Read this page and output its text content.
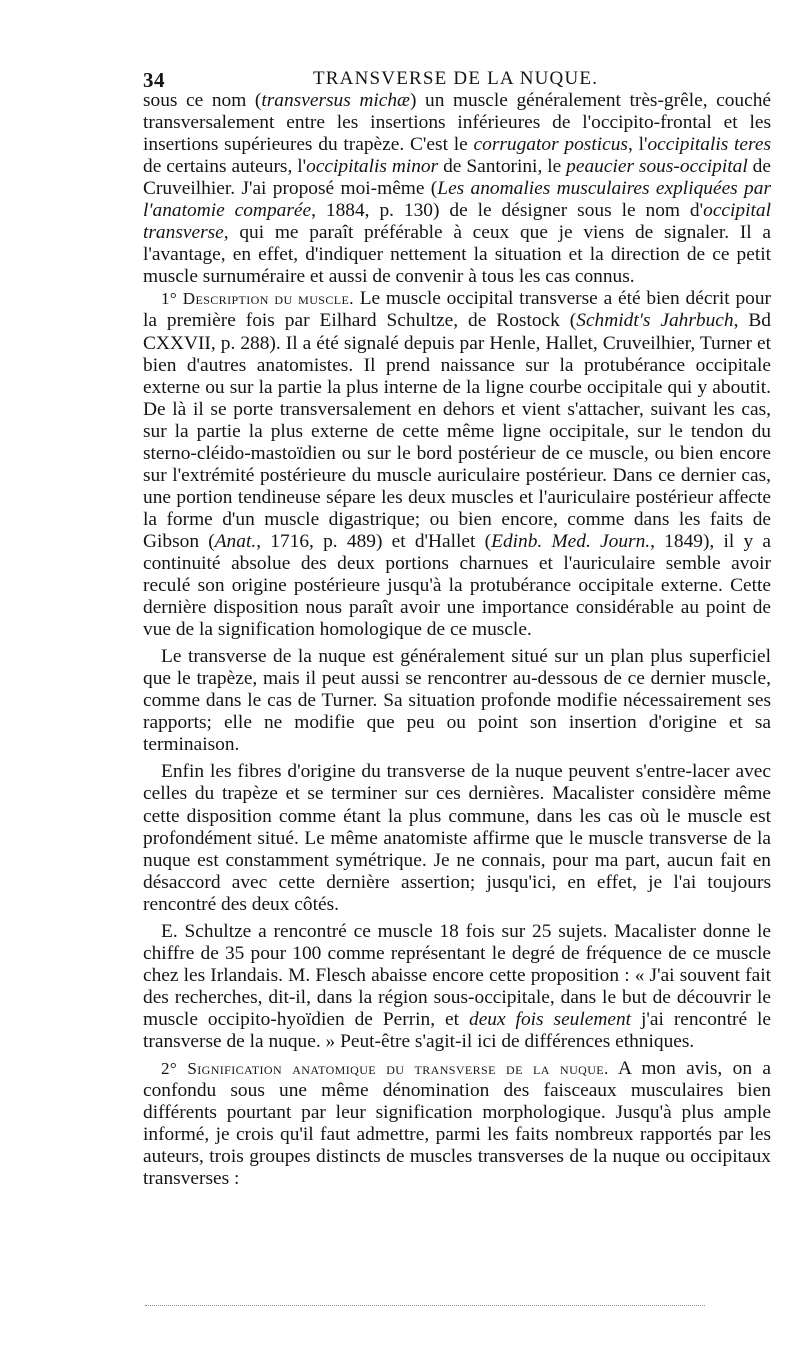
34	TRANSVERSE DE LA NUQUE.

sous ce nom (transversus michæ) un muscle généralement très-grêle, couché transversalement entre les insertions inférieures de l'occipito-frontal et les insertions supérieures du trapèze. C'est le corrugator posticus, l'occipitalis teres de certains auteurs, l'occipitalis minor de Santorini, le peaucier sous-occipital de Cruveilhier. J'ai proposé moi-même (Les anomalies musculaires expliquées par l'anatomie comparée, 1884, p. 130) de le désigner sous le nom d'occipital transverse, qui me paraît préférable à ceux que je viens de signaler. Il a l'avantage, en effet, d'indiquer nettement la situation et la direction de ce petit muscle surnuméraire et aussi de convenir à tous les cas connus.

1° Description du muscle. Le muscle occipital transverse a été bien décrit pour la première fois par Eilhard Schultze, de Rostock (Schmidt's Jahrbuch, Bd CXXVII, p. 288). Il a été signalé depuis par Henle, Hallet, Cruveilhier, Turner et bien d'autres anatomistes. Il prend naissance sur la protubérance occipitale externe ou sur la partie la plus interne de la ligne courbe occipitale qui y aboutit. De là il se porte transversalement en dehors et vient s'attacher, suivant les cas, sur la partie la plus externe de cette même ligne occipitale, sur le tendon du sterno-cléido-mastoïdien ou sur le bord postérieur de ce muscle, ou bien encore sur l'extrémité postérieure du muscle auriculaire postérieur. Dans ce dernier cas, une portion tendineuse sépare les deux muscles et l'auriculaire postérieur affecte la forme d'un muscle digastrique; ou bien encore, comme dans les faits de Gibson (Anat., 1716, p. 489) et d'Hallet (Edinb. Med. Journ., 1849), il y a continuité absolue des deux portions charnues et l'auriculaire semble avoir reculé son origine postérieure jusqu'à la protubérance occipitale externe. Cette dernière disposition nous paraît avoir une importance considérable au point de vue de la signification homologique de ce muscle.

Le transverse de la nuque est généralement situé sur un plan plus superficiel que le trapèze, mais il peut aussi se rencontrer au-dessous de ce dernier muscle, comme dans le cas de Turner. Sa situation profonde modifie nécessairement ses rapports; elle ne modifie que peu ou point son insertion d'origine et sa terminaison.

Enfin les fibres d'origine du transverse de la nuque peuvent s'entre-lacer avec celles du trapèze et se terminer sur ces dernières. Macalister considère même cette disposition comme étant la plus commune, dans les cas où le muscle est profondément situé. Le même anatomiste affirme que le muscle transverse de la nuque est constamment symétrique. Je ne connais, pour ma part, aucun fait en désaccord avec cette dernière assertion; jusqu'ici, en effet, je l'ai toujours rencontré des deux côtés.

E. Schultze a rencontré ce muscle 18 fois sur 25 sujets. Macalister donne le chiffre de 35 pour 100 comme représentant le degré de fréquence de ce muscle chez les Irlandais. M. Flesch abaisse encore cette proposition : « J'ai souvent fait des recherches, dit-il, dans la région sous-occipitale, dans le but de découvrir le muscle occipito-hyoïdien de Perrin, et deux fois seulement j'ai rencontré le transverse de la nuque. » Peut-être s'agit-il ici de différences ethniques.

2° Signification anatomique du transverse de la nuque. A mon avis, on a confondu sous une même dénomination des faisceaux musculaires bien différents pourtant par leur signification morphologique. Jusqu'à plus ample informé, je crois qu'il faut admettre, parmi les faits nombreux rapportés par les auteurs, trois groupes distincts de muscles transverses de la nuque ou occipitaux transverses :
